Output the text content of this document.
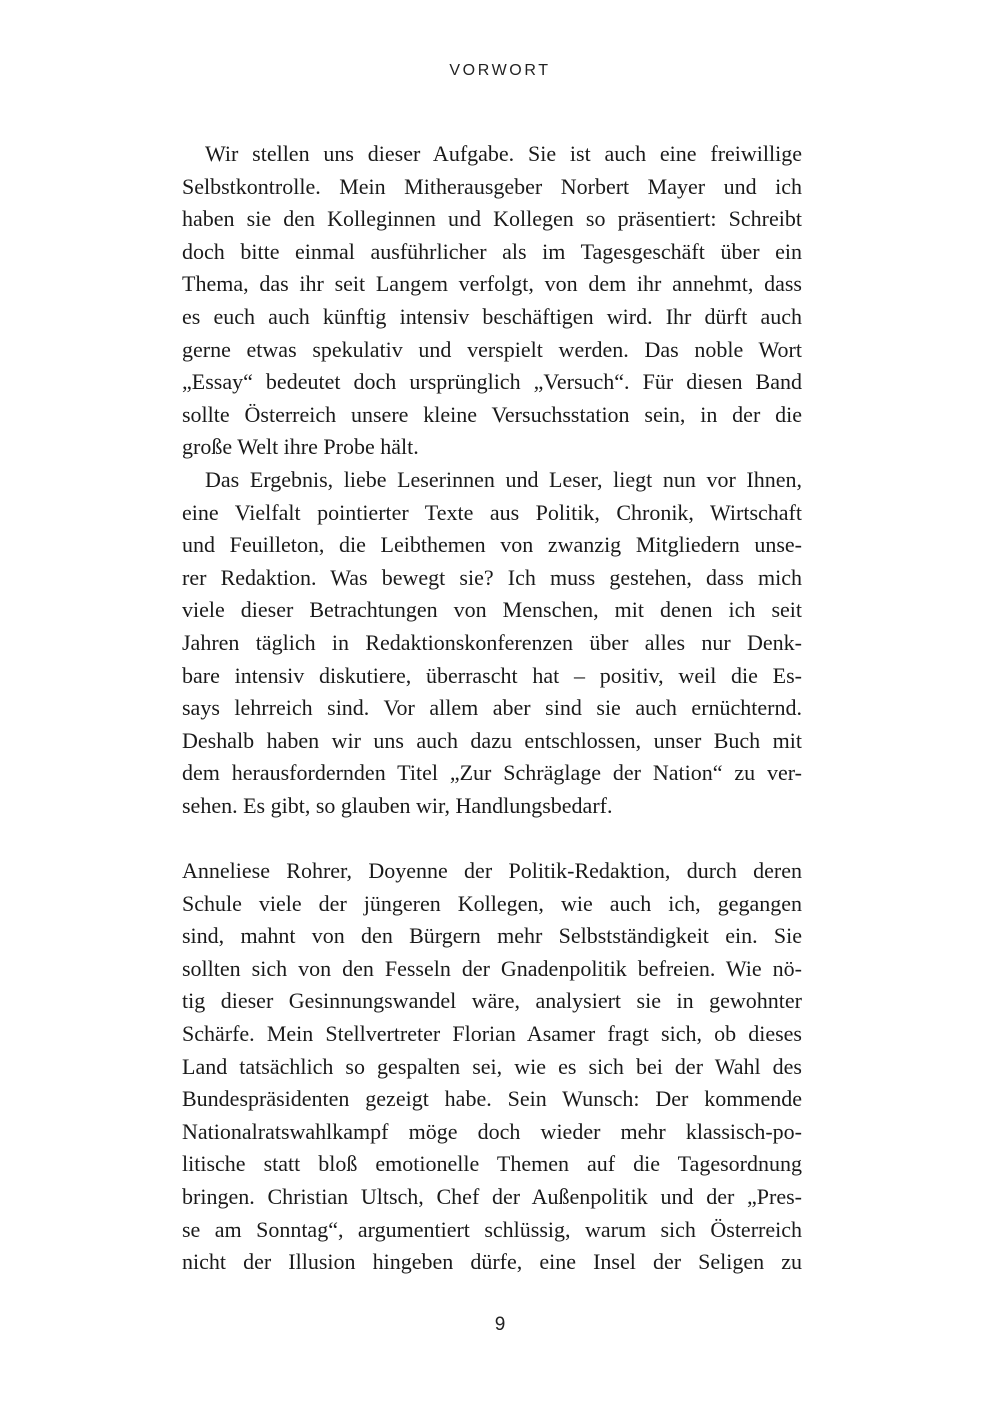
VORWORT
Wir stellen uns dieser Aufgabe. Sie ist auch eine freiwillige
Selbstkontrolle. Mein Mitherausgeber Norbert Mayer und ich
haben sie den Kolleginnen und Kollegen so präsentiert: Schreibt
doch bitte einmal ausführlicher als im Tagesgeschäft über ein
Thema, das ihr seit Langem verfolgt, von dem ihr annehmt, dass
es euch auch künftig intensiv beschäftigen wird. Ihr dürft auch
gerne etwas spekulativ und verspielt werden. Das noble Wort
„Essay“ bedeutet doch ursprünglich „Versuch“. Für diesen Band
sollte Österreich unsere kleine Versuchsstation sein, in der die
große Welt ihre Probe hält.
Das Ergebnis, liebe Leserinnen und Leser, liegt nun vor Ihnen,
eine Vielfalt pointierter Texte aus Politik, Chronik, Wirtschaft
und Feuilleton, die Leibthemen von zwanzig Mitgliedern unse-
rer Redaktion. Was bewegt sie? Ich muss gestehen, dass mich
viele dieser Betrachtungen von Menschen, mit denen ich seit
Jahren täglich in Redaktionskonferenzen über alles nur Denk-
bare intensiv diskutiere, überrascht hat – positiv, weil die Es-
says lehrreich sind. Vor allem aber sind sie auch ernüchternd.
Deshalb haben wir uns auch dazu entschlossen, unser Buch mit
dem herausfordernden Titel „Zur Schräglage der Nation“ zu ver-
sehen. Es gibt, so glauben wir, Handlungsbedarf.
Anneliese Rohrer, Doyenne der Politik-Redaktion, durch deren
Schule viele der jüngeren Kollegen, wie auch ich, gegangen
sind, mahnt von den Bürgern mehr Selbstständigkeit ein. Sie
sollten sich von den Fesseln der Gnadenpolitik befreien. Wie nö-
tig dieser Gesinnungswandel wäre, analysiert sie in gewohnter
Schärfe. Mein Stellvertreter Florian Asamer fragt sich, ob dieses
Land tatsächlich so gespalten sei, wie es sich bei der Wahl des
Bundespräsidenten gezeigt habe. Sein Wunsch: Der kommende
Nationalratswahlkampf möge doch wieder mehr klassisch-po-
litische statt bloß emotionelle Themen auf die Tagesordnung
bringen. Christian Ultsch, Chef der Außenpolitik und der „Pres-
se am Sonntag“, argumentiert schlüssig, warum sich Österreich
nicht der Illusion hingeben dürfe, eine Insel der Seligen zu
9
